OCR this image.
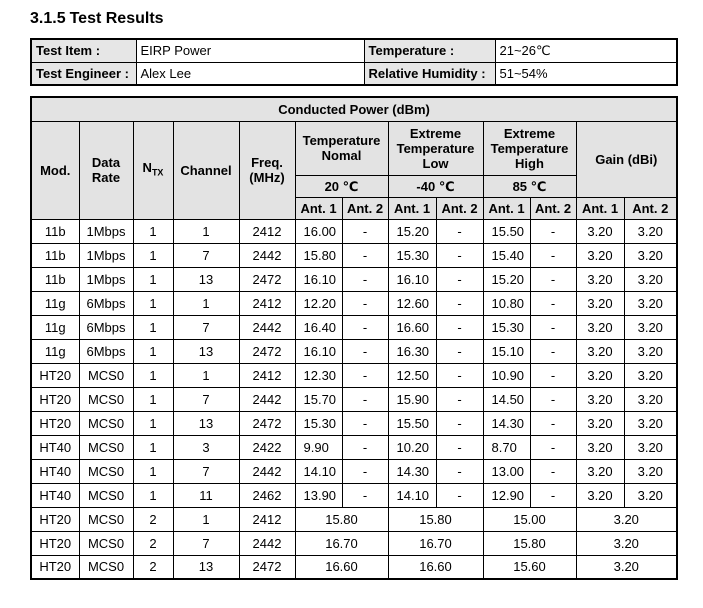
3.1.5 Test Results
Test Item :	EIRP Power	Temperature :	21~26℃
Test Engineer :	Alex Lee	Relative Humidity :	51~54%
Conducted Power (dBm)												
Mod.	Data Rate	$N_{TX}$	Channel	Freq. (MHz)	Temperature Nomal		Extreme Temperature Low		Extreme Temperature High		Gain (dBi)	
					20 ℃		-40 ℃		85 ℃			
					Ant. 1	Ant. 2	Ant. 1	Ant. 2	Ant. 1	Ant. 2	Ant. 1	Ant. 2
11b	1Mbps	1	1	2412	16.00	-	15.20	-	15.50	-	3.20	3.20
11b	1Mbps	1	7	2442	15.80	-	15.30	-	15.40	-	3.20	3.20
11b	1Mbps	1	13	2472	16.10	-	16.10	-	15.20	-	3.20	3.20
11g	6Mbps	1	1	2412	12.20	-	12.60	-	10.80	-	3.20	3.20
11g	6Mbps	1	7	2442	16.40	-	16.60	-	15.30	-	3.20	3.20
11g	6Mbps	1	13	2472	16.10	-	16.30	-	15.10	-	3.20	3.20
HT20	MCS0	1	1	2412	12.30	-	12.50	-	10.90	-	3.20	3.20
HT20	MCS0	1	7	2442	15.70	-	15.90	-	14.50	-	3.20	3.20
HT20	MCS0	1	13	2472	15.30	-	15.50	-	14.30	-	3.20	3.20
HT40	MCS0	1	3	2422	9.90	-	10.20	-	8.70	-	3.20	3.20
HT40	MCS0	1	7	2442	14.10	-	14.30	-	13.00	-	3.20	3.20
HT40	MCS0	1	11	2462	13.90	-	14.10	-	12.90	-	3.20	3.20
HT20	MCS0	2	1	2412	15.80		15.80		15.00		3.20	
HT20	MCS0	2	7	2442	16.70		16.70		15.80		3.20	
HT20	MCS0	2	13	2472	16.60		16.60		15.60		3.20	
